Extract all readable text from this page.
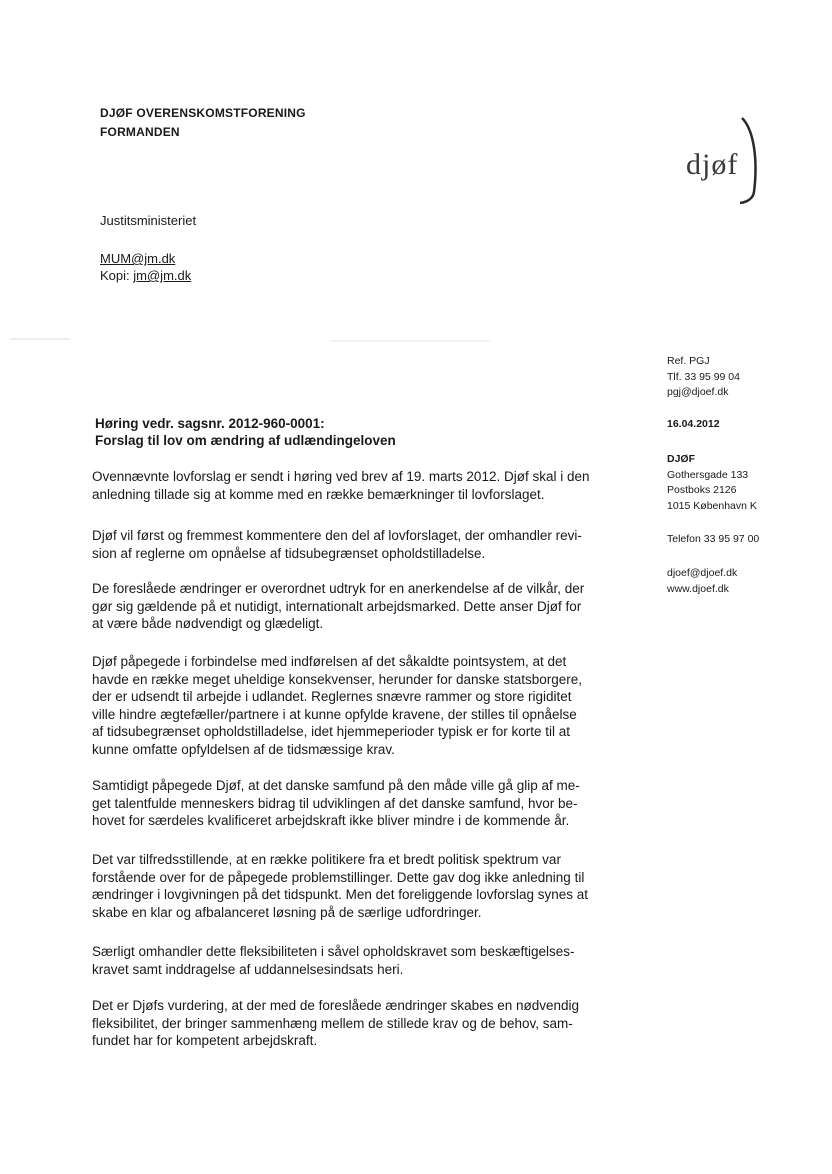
DJØF OVERENSKOMSTFORENING
FORMANDEN
djøf
Justitsministeriet
MUM@jm.dk
Kopi: jm@jm.dk
Ref. PGJ
Tlf. 33 95 99 04
pgj@djoef.dk
16.04.2012
DJØF
Gothersgade 133
Postboks 2126
1015 København K
Telefon 33 95 97 00
djoef@djoef.dk
www.djoef.dk
Høring vedr. sagsnr. 2012-960-0001:
Forslag til lov om ændring af udlændingeloven
Ovennævnte lovforslag er sendt i høring ved brev af 19. marts 2012. Djøf skal i den
anledning tillade sig at komme med en række bemærkninger til lovforslaget.
Djøf vil først og fremmest kommentere den del af lovforslaget, der omhandler revi-
sion af reglerne om opnåelse af tidsubegrænset opholdstilladelse.
De foreslåede ændringer er overordnet udtryk for en anerkendelse af de vilkår, der
gør sig gældende på et nutidigt, internationalt arbejdsmarked. Dette anser Djøf for
at være både nødvendigt og glædeligt.
Djøf påpegede i forbindelse med indførelsen af det såkaldte pointsystem, at det
havde en række meget uheldige konsekvenser, herunder for danske statsborgere,
der er udsendt til arbejde i udlandet. Reglernes snævre rammer og store rigiditet
ville hindre ægtefæller/partnere i at kunne opfylde kravene, der stilles til opnåelse
af tidsubegrænset opholdstilladelse, idet hjemmeperioder typisk er for korte til at
kunne omfatte opfyldelsen af de tidsmæssige krav.
Samtidigt påpegede Djøf, at det danske samfund på den måde ville gå glip af me-
get talentfulde menneskers bidrag til udviklingen af det danske samfund, hvor be-
hovet for særdeles kvalificeret arbejdskraft ikke bliver mindre i de kommende år.
Det var tilfredsstillende, at en række politikere fra et bredt politisk spektrum var
forstående over for de påpegede problemstillinger. Dette gav dog ikke anledning til
ændringer i lovgivningen på det tidspunkt. Men det foreliggende lovforslag synes at
skabe en klar og afbalanceret løsning på de særlige udfordringer.
Særligt omhandler dette fleksibiliteten i såvel opholdskravet som beskæftigelses-
kravet samt inddragelse af uddannelsesindsats heri.
Det er Djøfs vurdering, at der med de foreslåede ændringer skabes en nødvendig
fleksibilitet, der bringer sammenhæng mellem de stillede krav og de behov, sam-
fundet har for kompetent arbejdskraft.
